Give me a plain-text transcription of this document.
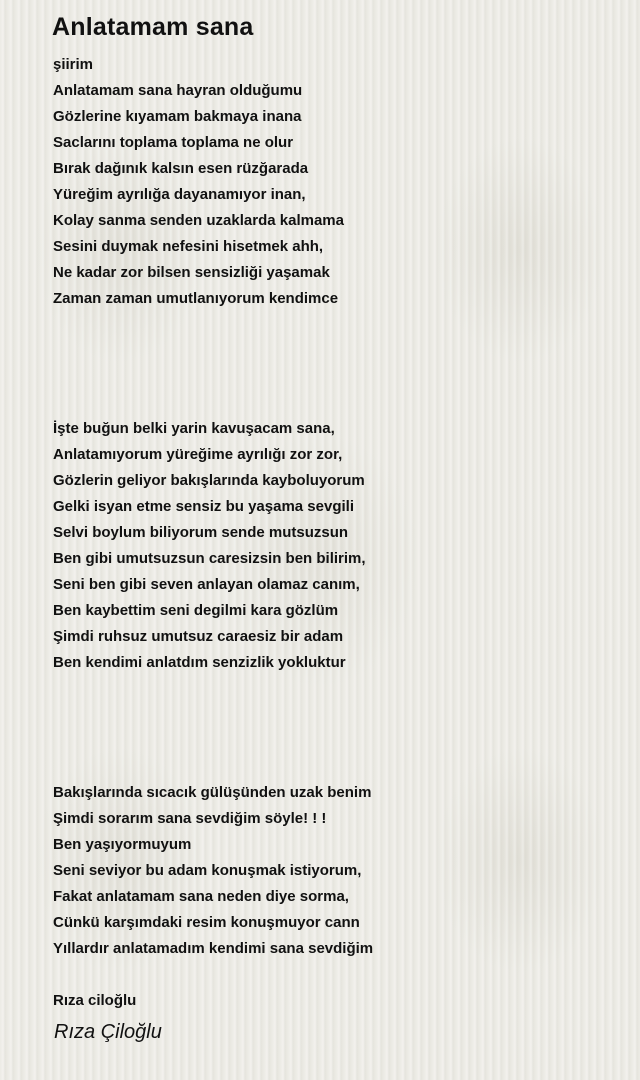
Anlatamam sana
şiirim
Anlatamam sana hayran olduğumu
Gözlerine kıyamam bakmaya inana
Saclarını toplama toplama ne olur
Bırak dağınık kalsın esen rüzğarada
Yüreğim ayrılığa dayanamıyor inan,
Kolay sanma senden uzaklarda kalmama
Sesini duymak nefesini hisetmek ahh,
Ne kadar zor bilsen sensizliği yaşamak
Zaman zaman umutlanıyorum kendimce
İşte buğun belki yarin kavuşacam sana,
Anlatamıyorum yüreğime ayrılığı zor zor,
Gözlerin geliyor bakışlarında kayboluyorum
Gelki isyan etme sensiz bu yaşama sevgili
Selvi boylum biliyorum sende mutsuzsun
Ben gibi umutsuzsun caresizsin ben bilirim,
Seni ben gibi seven anlayan olamaz canım,
Ben kaybettim seni degilmi kara gözlüm
Şimdi ruhsuz umutsuz caraesiz bir adam
Ben kendimi anlatdım senzizlik yokluktur
Bakışlarında sıcacık gülüşünden uzak benim
Şimdi sorarım sana sevdiğim söyle! ! !
Ben yaşıyormuyum
Seni seviyor bu adam konuşmak istiyorum,
Fakat anlatamam sana neden diye sorma,
Cünkü karşımdaki resim konuşmuyor cann
Yıllardır anlatamadım kendimi sana sevdiğim
Rıza ciloğlu
Rıza Çiloğlu
